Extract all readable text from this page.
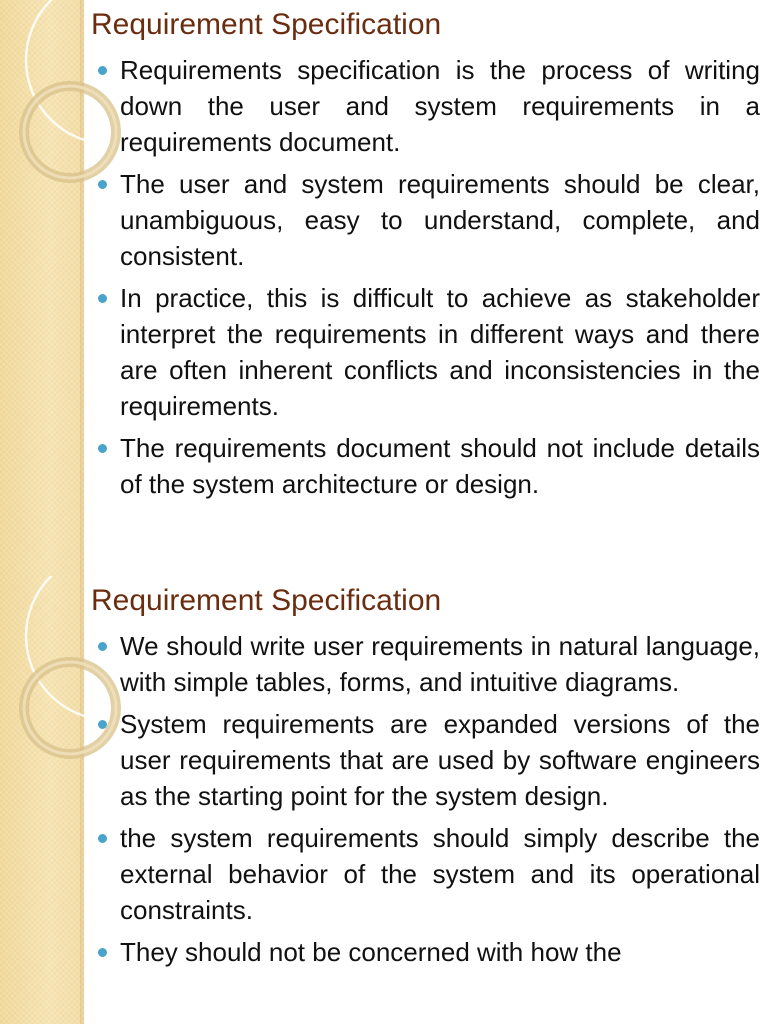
Requirement Specification
Requirements specification is the process of writing down the user and system requirements in a requirements document.
The user and system requirements should be clear, unambiguous, easy to understand, complete, and consistent.
In practice, this is difficult to achieve as stakeholder interpret the requirements in different ways and there are often inherent conflicts and inconsistencies in the requirements.
The requirements document should not include details of the system architecture or design.
Requirement Specification
We should write user requirements in natural language, with simple tables, forms, and intuitive diagrams.
System requirements are expanded versions of the user requirements that are used by software engineers as the starting point for the system design.
the system requirements should simply describe the external behavior of the system and its operational constraints.
They should not be concerned with how the
